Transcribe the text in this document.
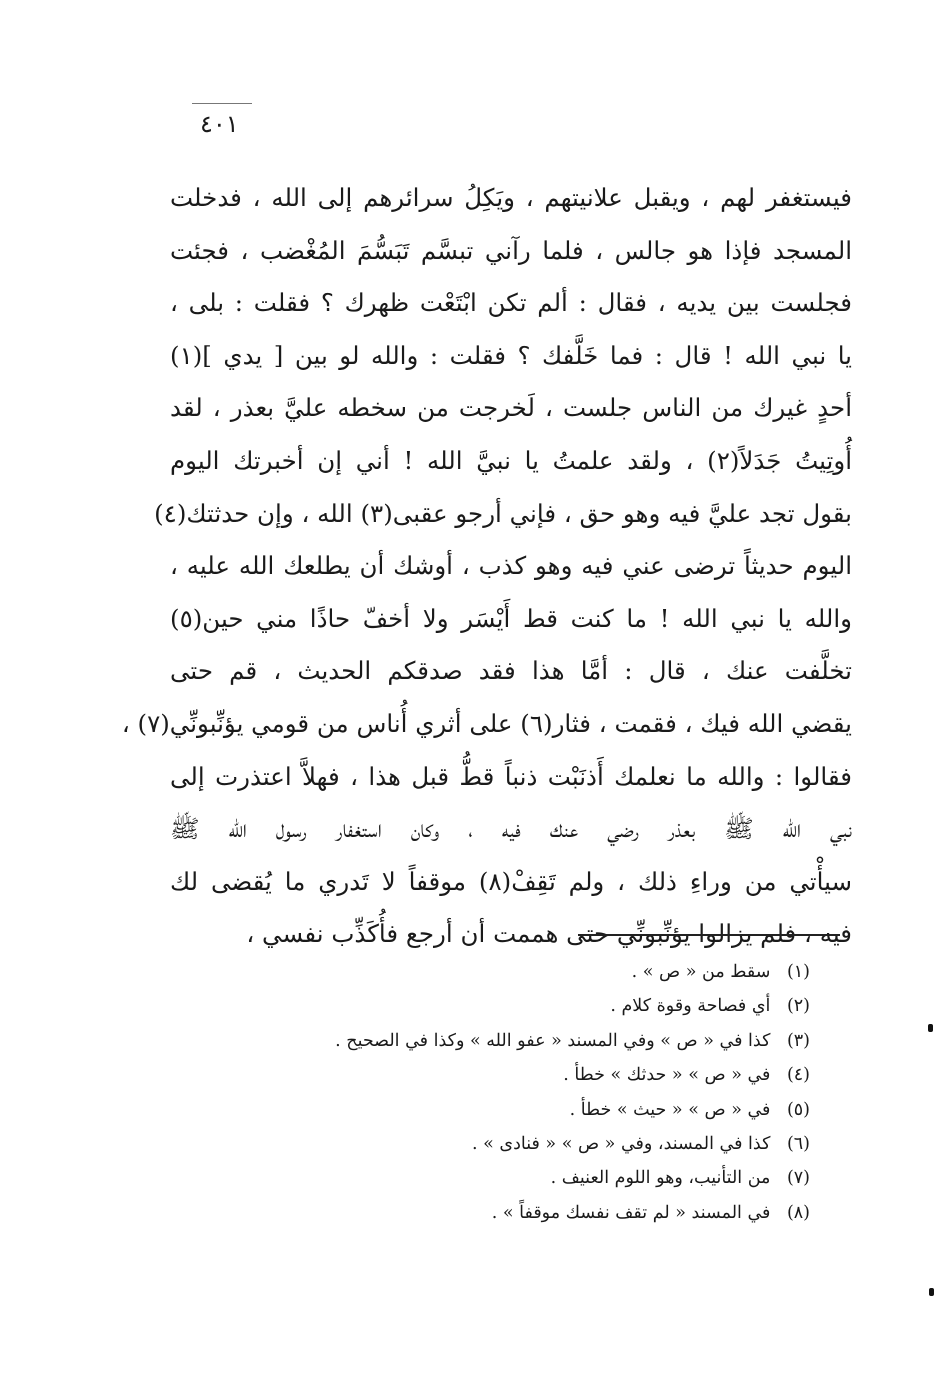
٤٠١
فيستغفر لهم ، ويقبل علانيتهم ، ويَكِلُ سرائرهم إلى الله ، فدخلت
المسجد فإذا هو جالس ، فلما رآني تبسَّم تَبَسُّمَ المُغْضب ، فجئت
فجلست بين يديه ، فقال : ألم تكن ابْتَعْت ظهرك ؟ فقلت : بلى ،
يا نبي الله ! قال : فما خَلَّفك ؟ فقلت : والله لو بين [ يدي ](١)
أحدٍ غيرك من الناس جلست ، لَخرجت من سخطه عليَّ بعذر ، لقد
أُوتِيتُ جَدَلاً(٢) ، ولقد علمتُ يا نبيَّ الله ! أني إن أخبرتك اليوم
بقول تجد عليَّ فيه وهو حق ، فإني أرجو عقبى(٣) الله ، وإن حدثتك(٤)
اليوم حديثاً ترضى عني فيه وهو كذب ، أوشك أن يطلعك الله عليه ،
والله يا نبي الله ! ما كنت قط أَيْسَر ولا أخفّ حاذًا مني حين(٥)
تخلَّفت عنك ، قال : أمَّا هذا فقد صدقكم الحديث ، قم حتى
يقضي الله فيك ، فقمت ، فثار(٦) على أثري أُناس من قومي يؤنِّبونِّي(٧) ،
فقالوا : والله ما نعلمك أَذنَبْت ذنباً قطُّ قبل هذا ، فهلاَّ اعتذرت إلى
نبي الله ﷺ بعذر رضي عنك فيه ، وكان استغفار رسول الله ﷺ
سيأْتي من وراءِ ذلك ، ولم تَقِفْ(٨) موقفاً لا تَدري ما يُقضى لك
فيه ، فلم يزالوا يؤنِّبونِّي حتى هممت أن أرجع فأُكَذِّب نفسي ،
(١) سقط من « ص » .
(٢) أي فصاحة وقوة كلام .
(٣) كذا في « ص » وفي المسند « عفو الله » وكذا في الصحيح .
(٤) في « ص » « حدثك » خطأ .
(٥) في « ص » « حيث » خطأ .
(٦) كذا في المسند، وفي « ص » « فنادى » .
(٧) من التأنيب، وهو اللوم العنيف .
(٨) في المسند « لم تقف نفسك موقفاً » .
